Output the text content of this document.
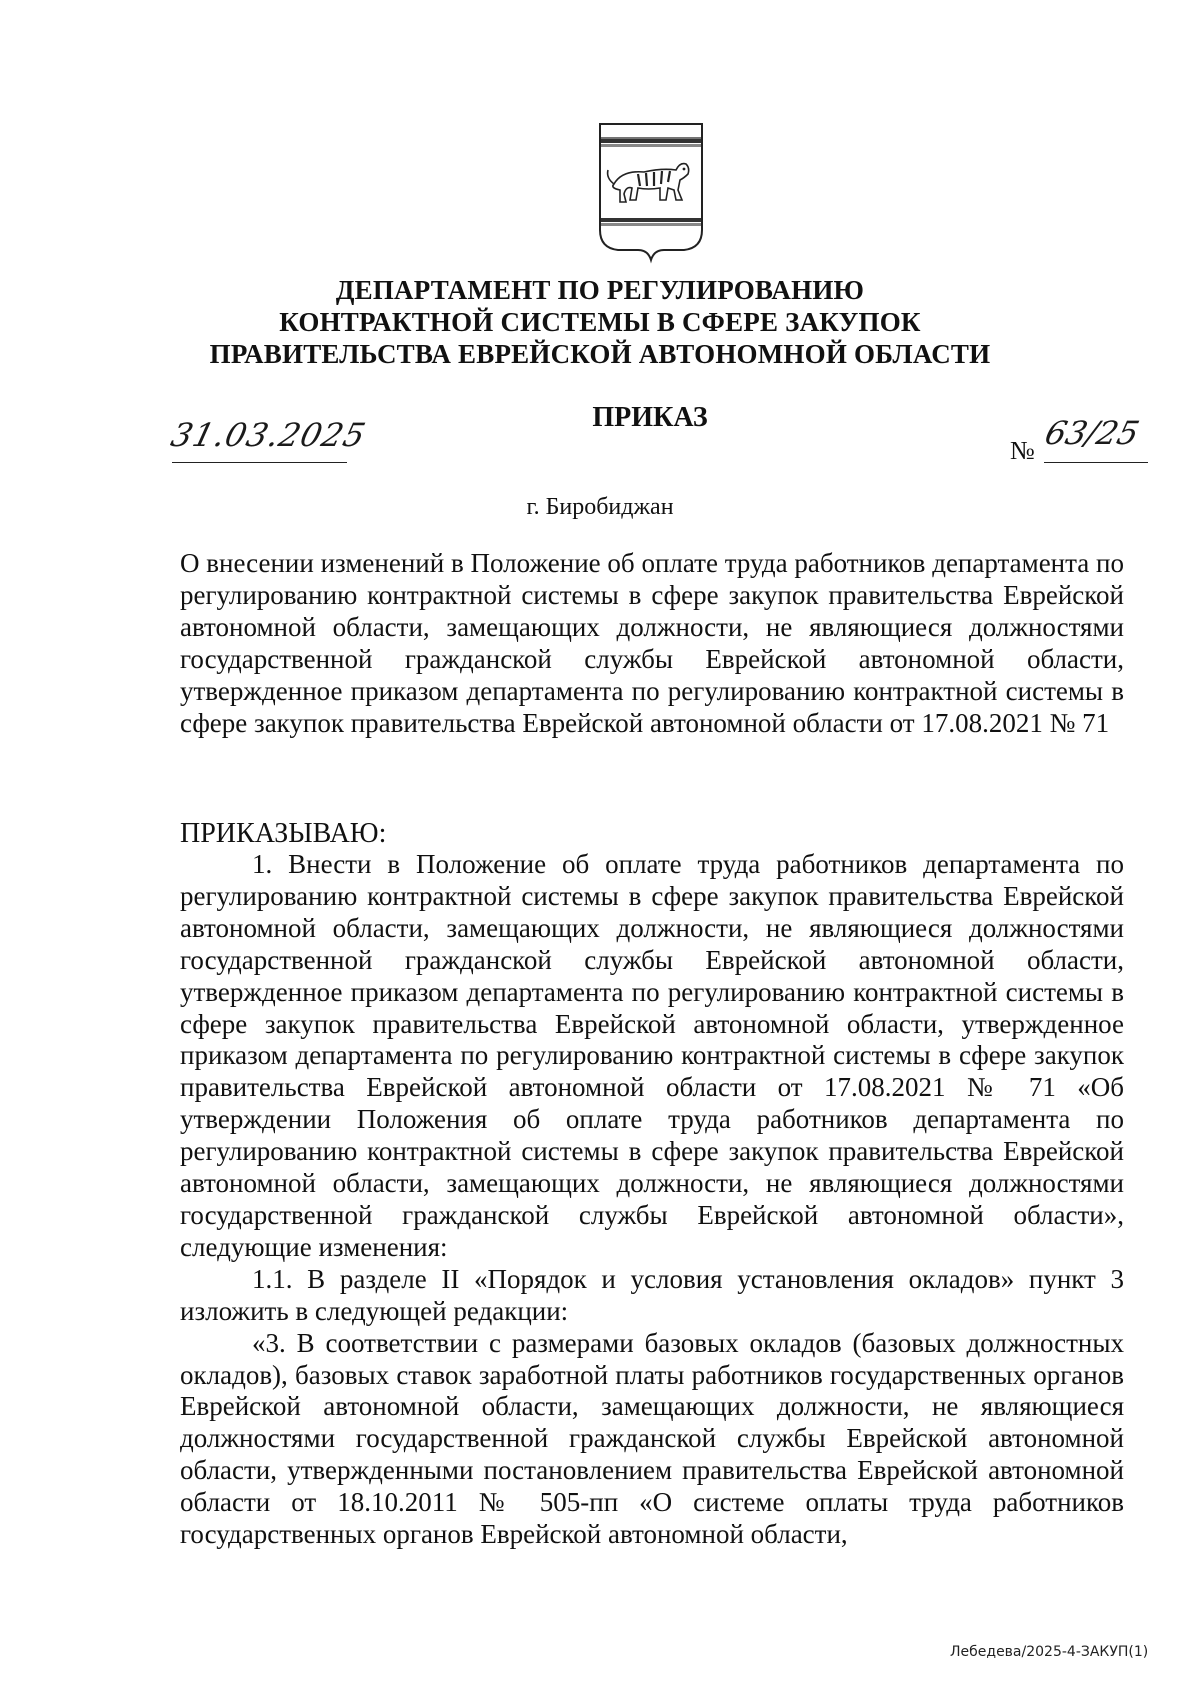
ДЕПАРТАМЕНТ ПО РЕГУЛИРОВАНИЮ
КОНТРАКТНОЙ СИСТЕМЫ В СФЕРЕ ЗАКУПОК
ПРАВИТЕЛЬСТВА ЕВРЕЙСКОЙ АВТОНОМНОЙ ОБЛАСТИ
ПРИКАЗ
31.03.2025	№ 63/25
г. Биробиджан
О внесении изменений в Положение об оплате труда работников департамента по регулированию контрактной системы в сфере закупок правительства Еврейской автономной области, замещающих должности, не являющиеся должностями государственной гражданской службы Еврейской автономной области, утвержденное приказом департамента по регулированию контрактной системы в сфере закупок правительства Еврейской автономной области от 17.08.2021 № 71
ПРИКАЗЫВАЮ:

1. Внести в Положение об оплате труда работников департамента по регулированию контрактной системы в сфере закупок правительства Еврейской автономной области, замещающих должности, не являющиеся должностями государственной гражданской службы Еврейской автономной области, утвержденное приказом департамента по регулированию контрактной системы в сфере закупок правительства Еврейской автономной области, утвержденное приказом департамента по регулированию контрактной системы в сфере закупок правительства Еврейской автономной области от 17.08.2021 № 71 «Об утверждении Положения об оплате труда работников департамента по регулированию контрактной системы в сфере закупок правительства Еврейской автономной области, замещающих должности, не являющиеся должностями государственной гражданской службы Еврейской автономной области», следующие изменения:

1.1. В разделе II «Порядок и условия установления окладов» пункт 3 изложить в следующей редакции:

«3. В соответствии с размерами базовых окладов (базовых должностных окладов), базовых ставок заработной платы работников государственных органов Еврейской автономной области, замещающих должности, не являющиеся должностями государственной гражданской службы Еврейской автономной области, утвержденными постановлением правительства Еврейской автономной области от 18.10.2011 № 505-пп «О системе оплаты труда работников государственных органов Еврейской автономной области,

Лебедева/2025-4-ЗАКУП(1)
